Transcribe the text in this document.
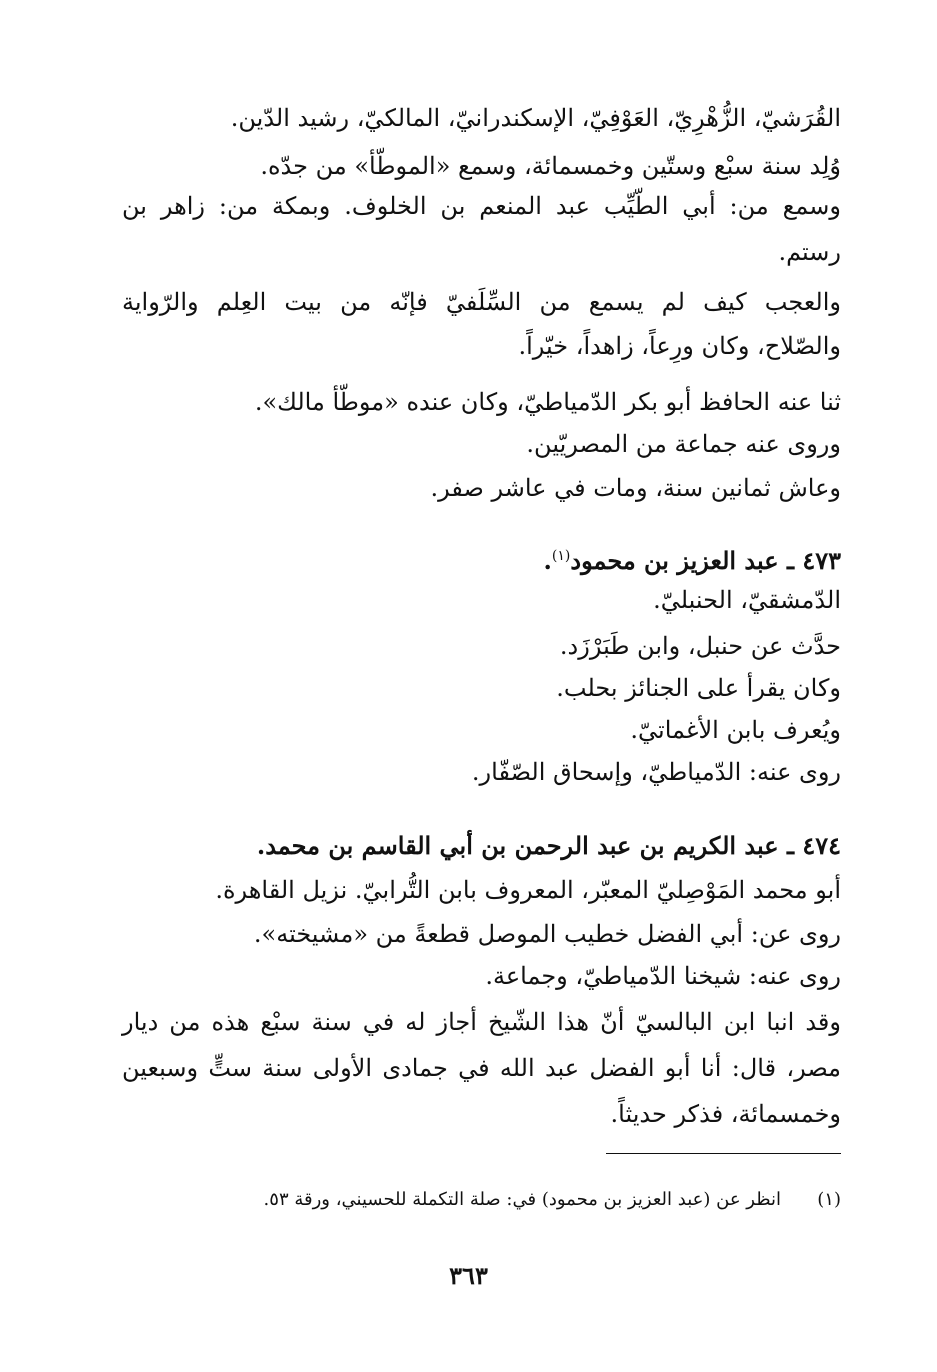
القُرَشيّ، الزُّهْرِيّ، العَوْفِيّ، الإسكندرانيّ، المالكيّ، رشيد الدّين.
وُلِد سنة سبْع وستّين وخمسمائة، وسمع «الموطّأ» من جدّه.
وسمع من: أبي الطّيِّب عبد المنعم بن الخلوف. وبمكة من: زاهر بن
رستم.
والعجب كيف لم يسمع من السِّلَفيّ فإنّه من بيت العِلم والرّواية
والصّلاح، وكان ورِعاً، زاهداً، خيّراً.
ثنا عنه الحافظ أبو بكر الدّمياطيّ، وكان عنده «موطّأ مالك».
وروى عنه جماعة من المصريّين.
وعاش ثمانين سنة، ومات في عاشر صفر.
٤٧٣ ـ عبد العزيز بن محمود$^{(١)}$.
الدّمشقيّ، الحنبليّ.
حدَّث عن حنبل، وابن طَبَرْزَد.
وكان يقرأ على الجنائز بحلب.
ويُعرف بابن الأغماتيّ.
روى عنه: الدّمياطيّ، وإسحاق الصّفّار.
٤٧٤ ـ عبد الكريم بن عبد الرحمن بن أبي القاسم بن محمد.
أبو محمد المَوْصِليّ المعبّر، المعروف بابن التُّرابيّ. نزيل القاهرة.
روى عن: أبي الفضل خطيب الموصل قطعةً من «مشيخته».
روى عنه: شيخنا الدّمياطيّ، وجماعة.
وقد انبا ابن البالسيّ أنّ هذا الشّيخ أجاز له في سنة سبْع هذه من ديار
مصر، قال: أنا أبو الفضل عبد الله في جمادى الأولى سنة ستٍّ وسبعين
وخمسمائة، فذكر حديثاً.
(١)انظر عن (عبد العزيز بن محمود) في: صلة التكملة للحسيني، ورقة ٥٣.
٣٦٣
